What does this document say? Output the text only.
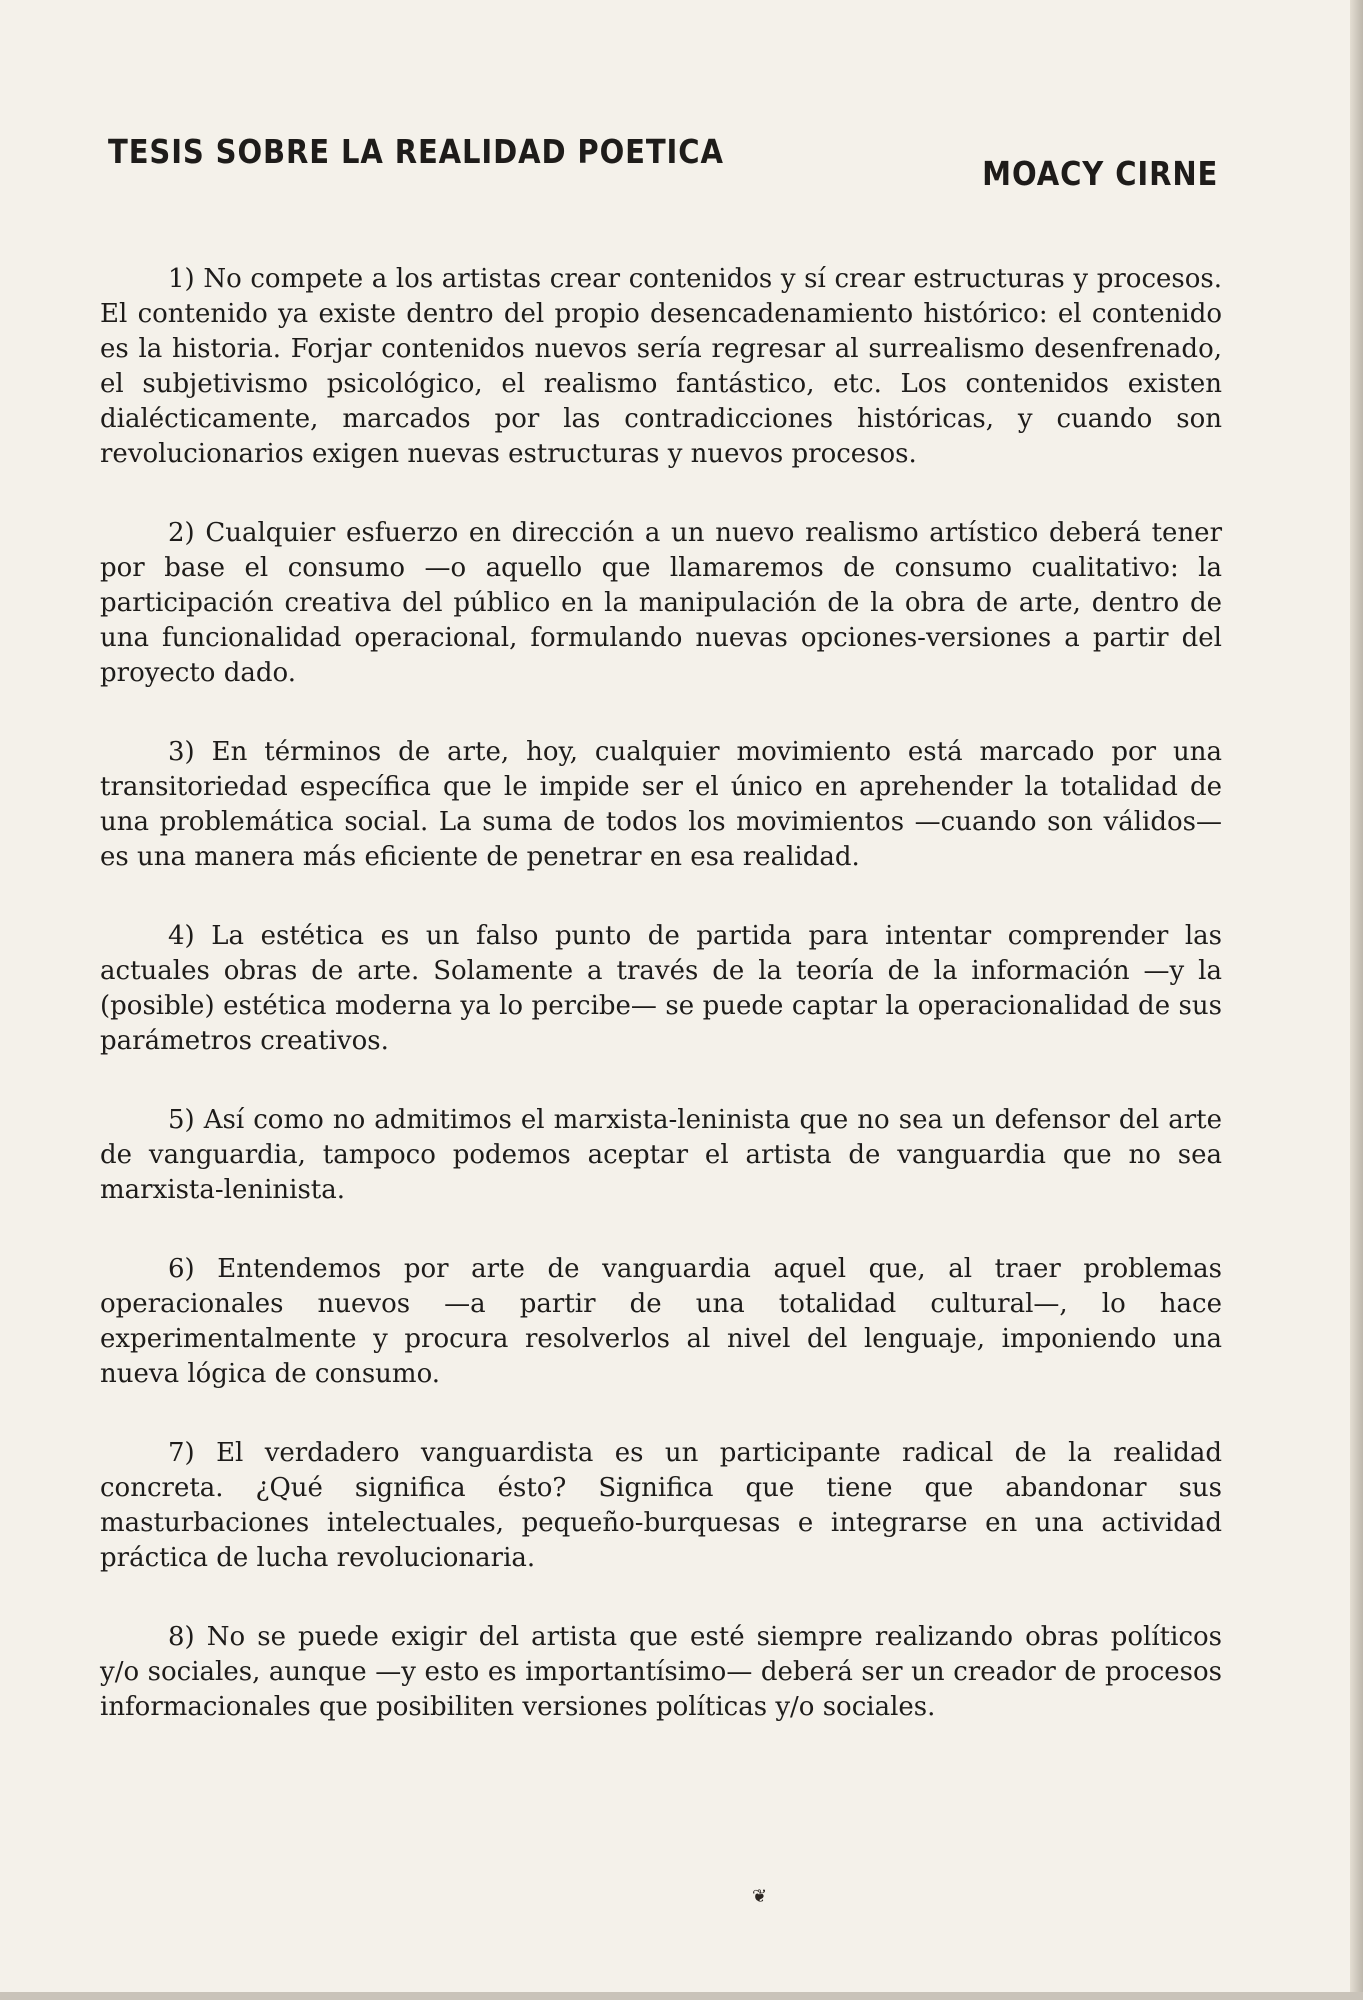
TESIS SOBRE LA REALIDAD POETICA
MOACY CIRNE

1) No compete a los artistas crear contenidos y sí crear estructuras y procesos. El contenido ya existe dentro del propio desencadenamiento histórico: el contenido es la historia. Forjar contenidos nuevos sería regresar al surrealismo desenfrenado, el subjetivismo psicológico, el realismo fantástico, etc. Los contenidos existen dialécticamente, marcados por las contradicciones históricas, y cuando son revolucionarios exigen nuevas estructuras y nuevos procesos.

2) Cualquier esfuerzo en dirección a un nuevo realismo artístico deberá tener por base el consumo —o aquello que llamaremos de consumo cualitativo: la participación creativa del público en la manipulación de la obra de arte, dentro de una funcionalidad operacional, formulando nuevas opciones-versiones a partir del proyecto dado.

3) En términos de arte, hoy, cualquier movimiento está marcado por una transitoriedad específica que le impide ser el único en aprehender la totalidad de una problemática social. La suma de todos los movimientos —cuando son válidos— es una manera más eficiente de penetrar en esa realidad.

4) La estética es un falso punto de partida para intentar comprender las actuales obras de arte. Solamente a través de la teoría de la información —y la (posible) estética moderna ya lo percibe— se puede captar la operacionalidad de sus parámetros creativos.

5) Así como no admitimos el marxista-leninista que no sea un defensor del arte de vanguardia, tampoco podemos aceptar el artista de vanguardia que no sea marxista-leninista.

6) Entendemos por arte de vanguardia aquel que, al traer problemas operacionales nuevos —a partir de una totalidad cultural—, lo hace experimentalmente y procura resolverlos al nivel del lenguaje, imponiendo una nueva lógica de consumo.

7) El verdadero vanguardista es un participante radical de la realidad concreta. ¿Qué significa ésto? Significa que tiene que abandonar sus masturbaciones intelectuales, pequeño-burquesas e integrarse en una actividad práctica de lucha revolucionaria.

8) No se puede exigir del artista que esté siempre realizando obras políticos y/o sociales, aunque —y esto es importantísimo— deberá ser un creador de procesos informacionales que posibiliten versiones políticas y/o sociales.

❦
